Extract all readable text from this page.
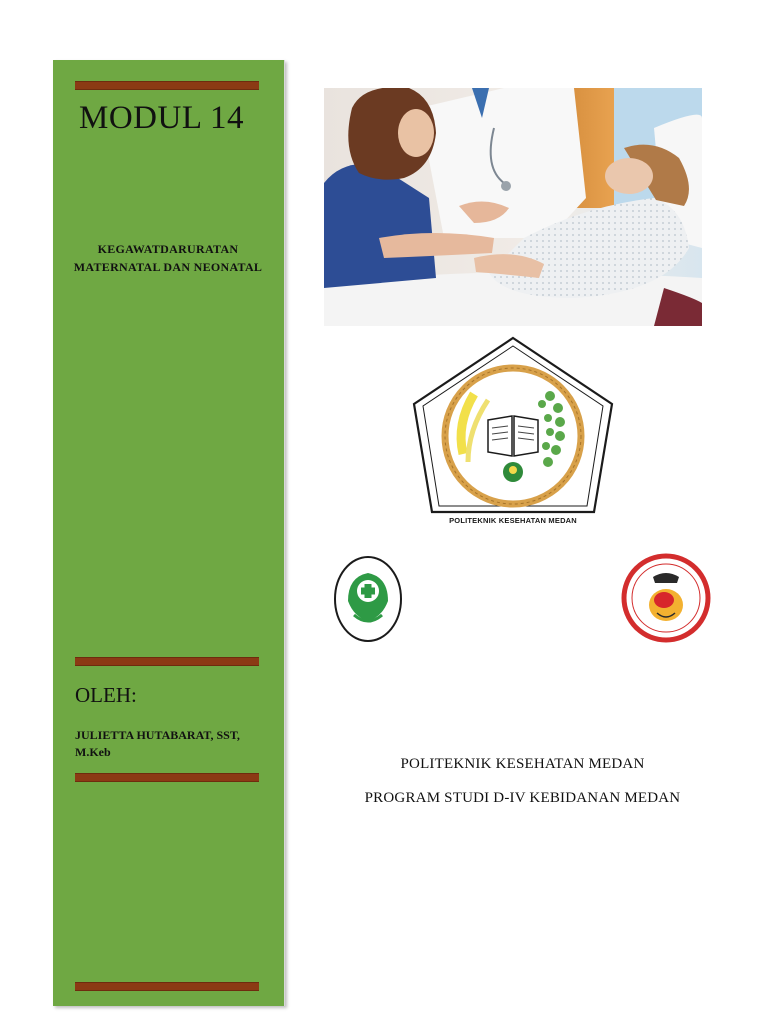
MODUL 14

KEGAWATDARURATAN MATERNATAL DAN NEONATAL

OLEH:

JULIETTA HUTABARAT, SST, M.Keb

POLITEKNIK KESEHATAN MEDAN

POLITEKNIK KESEHATAN MEDAN

PROGRAM STUDI D-IV KEBIDANAN MEDAN
